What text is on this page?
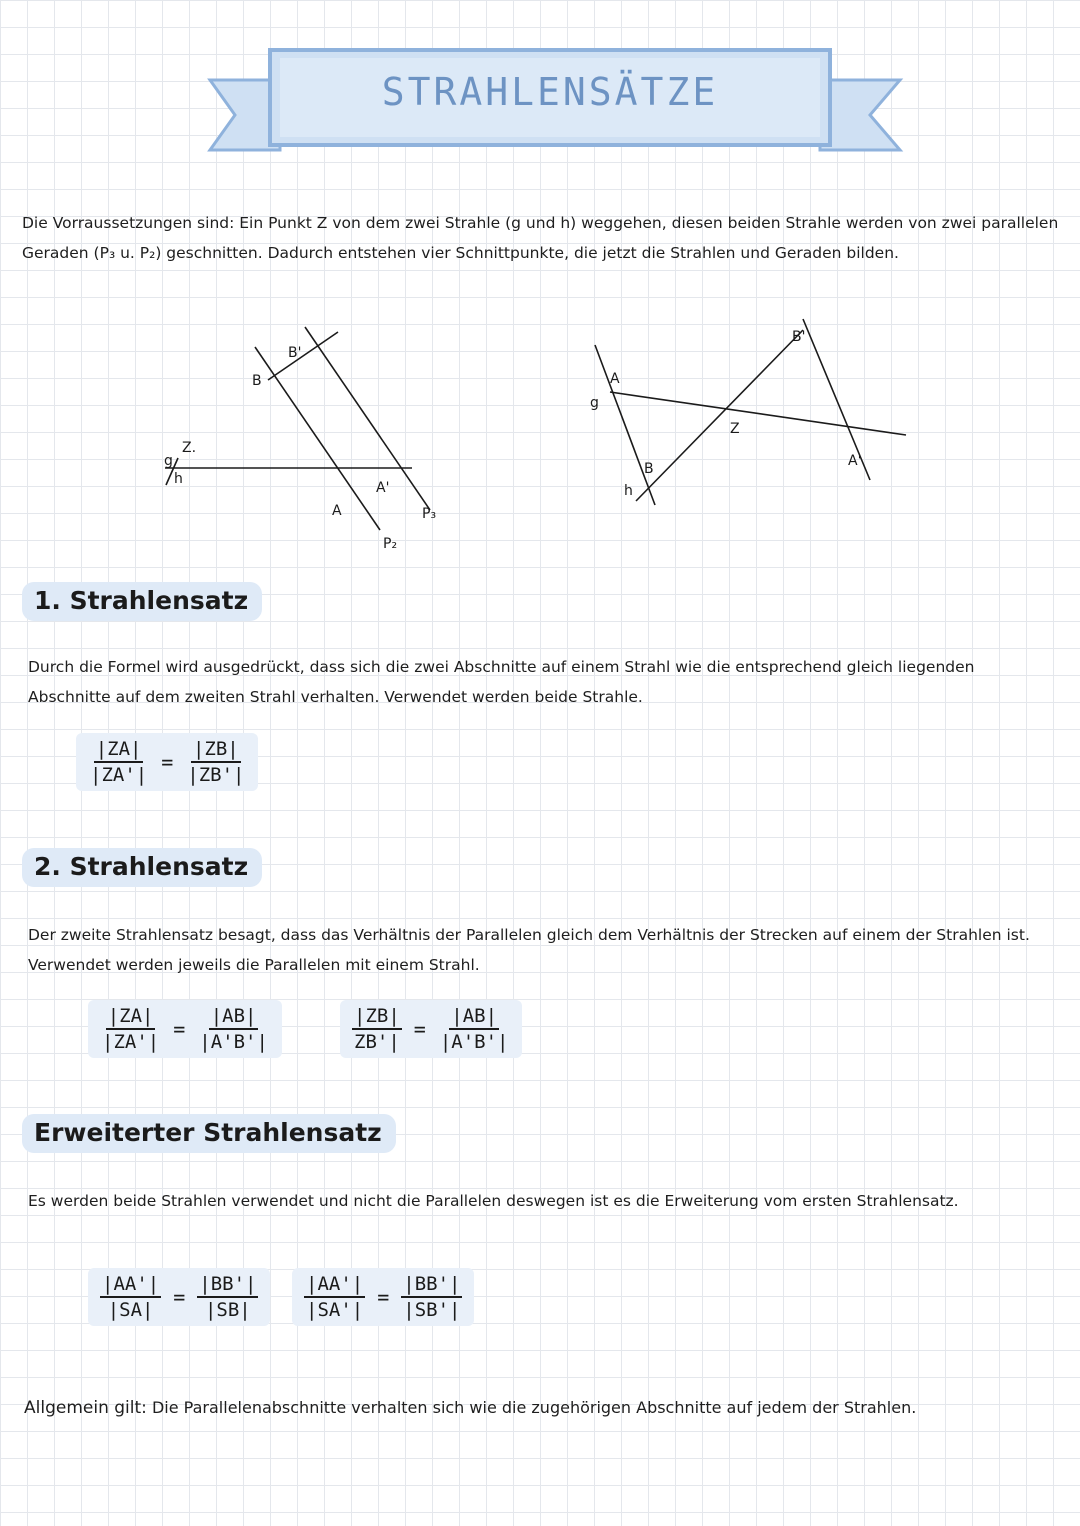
STRAHLENSÄTZE
Die Vorraussetzungen sind: Ein Punkt Z von dem zwei Strahle (g und h) weggehen, diesen beiden Strahle werden von zwei parallelen Geraden (P₃ u. P₂) geschnitten. Dadurch entstehen vier Schnittpunkte, die jetzt die Strahlen und Geraden bilden.
g
h
Z.
B
B'
A
A'
P₂
P₃
A
g
B
h
Z
B'
A'
1. Strahlensatz
Durch die Formel wird ausgedrückt, dass sich die zwei Abschnitte auf einem Strahl wie die entsprechend gleich liegenden Abschnitte auf dem zweiten Strahl verhalten. Verwendet werden beide Strahle.
$\frac{|ZA|}{|ZA'|} = \frac{|ZB|}{|ZB'|}$
2. Strahlensatz
Der zweite Strahlensatz besagt, dass das Verhältnis der Parallelen gleich dem Verhältnis der Strecken auf einem der Strahlen ist. Verwendet werden jeweils die Parallelen mit einem Strahl.
$\frac{|ZA|}{|ZA'|} = \frac{|AB|}{|A'B'|}$	$\frac{|ZB|}{ZB'|} = \frac{|AB|}{|A'B'|}$
Erweiterter Strahlensatz
Es werden beide Strahlen verwendet und nicht die Parallelen deswegen ist es die Erweiterung vom ersten Strahlensatz.
$\frac{|AA'|}{|SA|} = \frac{|BB'|}{|SB|} \frac{|AA'|}{|SA'|} = \frac{|BB'|}{|SB'|}$
Allgemein gilt: Die Parallelenabschnitte verhalten sich wie die zugehörigen Abschnitte auf jedem der Strahlen.
